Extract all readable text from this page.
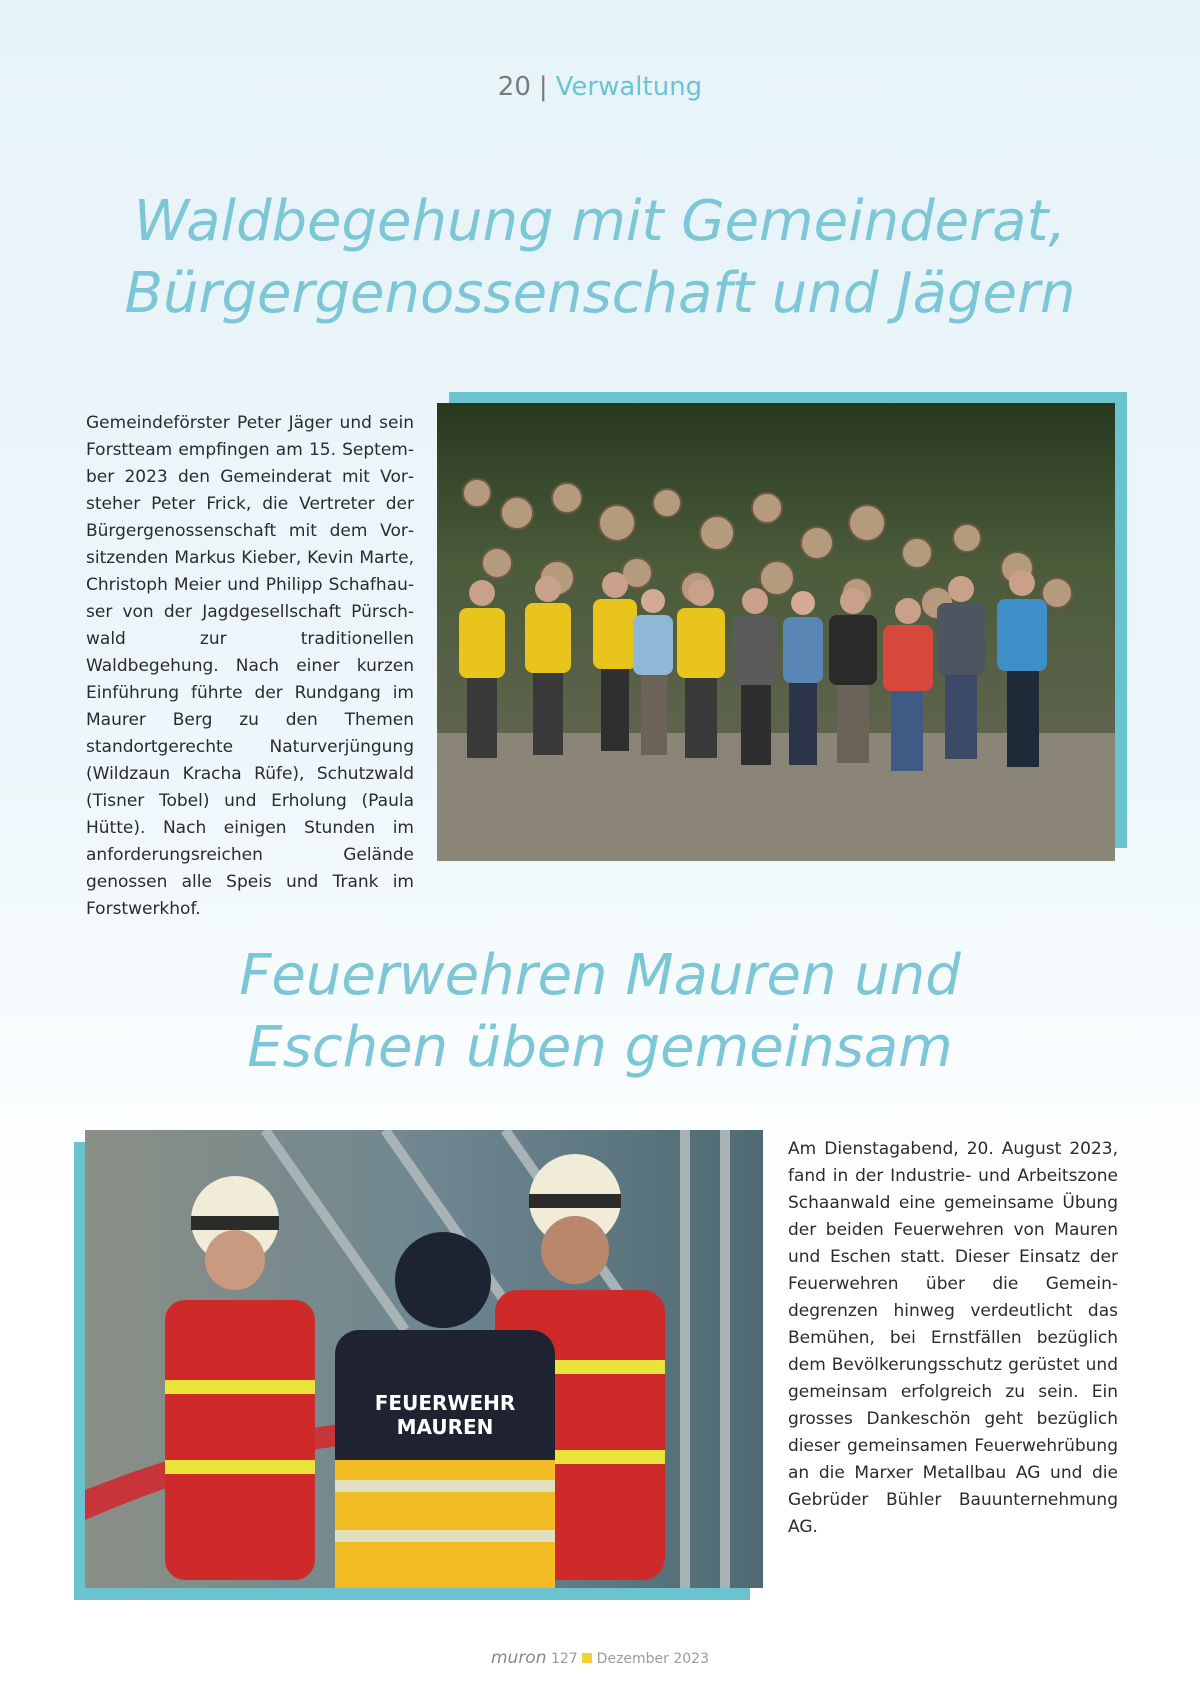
20 | Verwaltung
Waldbegehung mit Gemeinderat,
Bürgergenossenschaft und Jägern
Gemeindeförster Peter Jäger und sein Forstteam empfingen am 15. September 2023 den Gemeinderat mit Vorsteher Peter Frick, die Vertreter der Bürgergenossenschaft mit dem Vorsitzenden Markus Kieber, Kevin Marte, Christoph Meier und Philipp Schafhauser von der Jagdgesellschaft Pürschwald zur traditionellen Waldbegehung. Nach einer kurzen Einführung führte der Rundgang im Maurer Berg zu den Themen standortgerechte Naturverjüngung (Wildzaun Kracha Rüfe), Schutzwald (Tisner Tobel) und Erholung (Paula Hütte). Nach einigen Stunden im anforderungsreichen Gelände genossen alle Speis und Trank im Forstwerkhof.
Feuerwehren Mauren und
Eschen üben gemeinsam
FEUERWEHR
MAUREN
Am Dienstagabend, 20. August 2023, fand in der Industrie- und Arbeitszone Schaanwald eine gemeinsame Übung der beiden Feuerwehren von Mauren und Eschen statt. Dieser Einsatz der Feuerwehren über die Gemeindegrenzen hinweg verdeutlicht das Bemühen, bei Ernstfällen bezüglich dem Bevölkerungsschutz gerüstet und gemeinsam erfolgreich zu sein. Ein grosses Dankeschön geht bezüglich dieser gemeinsamen Feuerwehrübung an die Marxer Metallbau AG und die Gebrüder Bühler Bauunternehmung AG.
muron 127 Dezember 2023
